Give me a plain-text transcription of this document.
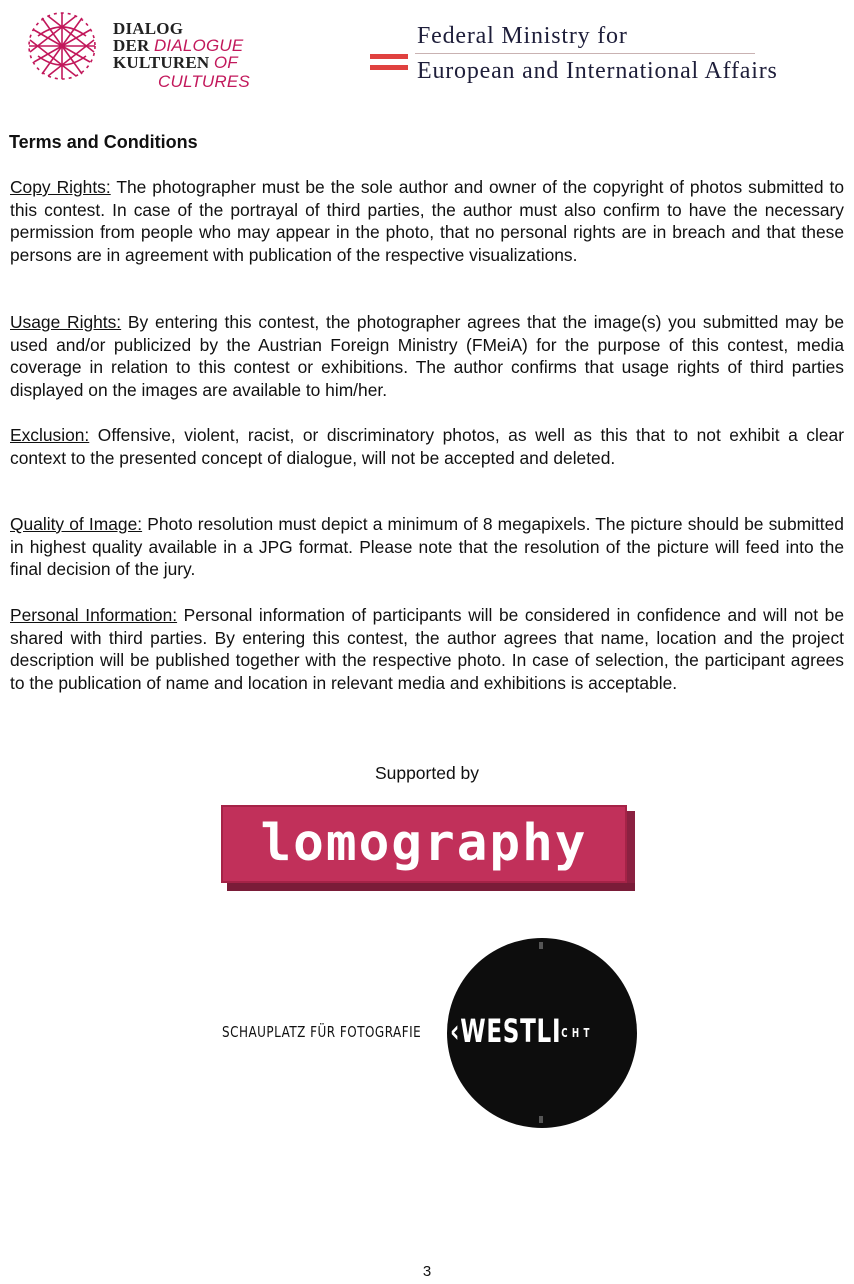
DIALOG
DER DIALOGUE
KULTUREN OF
CULTURES
Federal Ministry for
European and International Affairs
Terms and Conditions
Copy Rights: The photographer must be the sole author and owner of the copyright of photos submitted to this contest. In case of the portrayal of third parties, the author must also confirm to have the necessary permission from people who may appear in the photo, that no personal rights are in breach and that these persons are in agreement with publication of the respective visualizations.
Usage Rights: By entering this contest, the photographer agrees that the image(s) you submitted may be used and/or publicized by the Austrian Foreign Ministry (FMeiA) for the purpose of this contest, media coverage in relation to this contest or exhibitions. The author confirms that usage rights of third parties displayed on the images are available to him/her.
Exclusion: Offensive, violent, racist, or discriminatory photos, as well as this that to not exhibit a clear context to the presented concept of dialogue, will not be accepted and deleted.
Quality of Image: Photo resolution must depict a minimum of 8 megapixels. The picture should be submitted in highest quality available in a JPG format. Please note that the resolution of the picture will feed into the final decision of the jury.
Personal Information: Personal information of participants will be considered in confidence and will not be shared with third parties. By entering this contest, the author agrees that name, location and the project description will be published together with the respective photo. In case of selection, the participant agrees to the publication of name and location in relevant media and exhibitions is acceptable.
Supported by
lomography
SCHAUPLATZ FÜR FOTOGRAFIE ‹WESTLICHT
3
